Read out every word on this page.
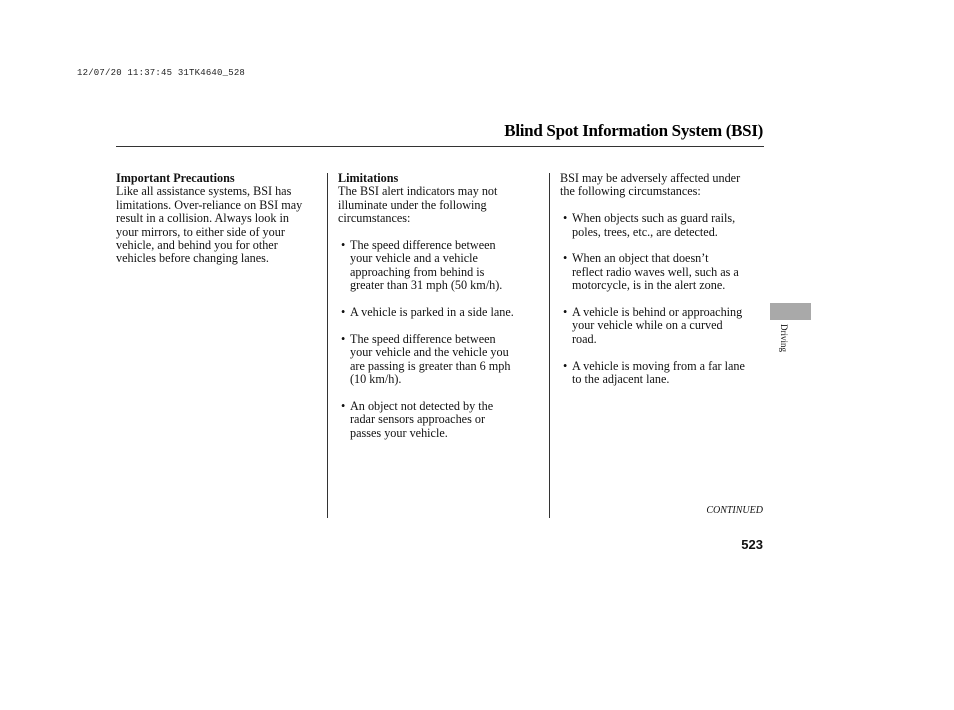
12/07/20 11:37:45 31TK4640_528
Blind Spot Information System (BSI)
Important Precautions
Like all assistance systems, BSI has
limitations. Over-reliance on BSI may
result in a collision. Always look in
your mirrors, to either side of your
vehicle, and behind you for other
vehicles before changing lanes.
Limitations
The BSI alert indicators may not
illuminate under the following
circumstances:
• The speed difference between
your vehicle and a vehicle
approaching from behind is
greater than 31 mph (50 km/h).
• A vehicle is parked in a side lane.
• The speed difference between
your vehicle and the vehicle you
are passing is greater than 6 mph
(10 km/h).
• An object not detected by the
radar sensors approaches or
passes your vehicle.
BSI may be adversely affected under
the following circumstances:
• When objects such as guard rails,
poles, trees, etc., are detected.
• When an object that doesn’t
reflect radio waves well, such as a
motorcycle, is in the alert zone.
• A vehicle is behind or approaching
your vehicle while on a curved
road.
• A vehicle is moving from a far lane
to the adjacent lane.
Driving
CONTINUED
523
